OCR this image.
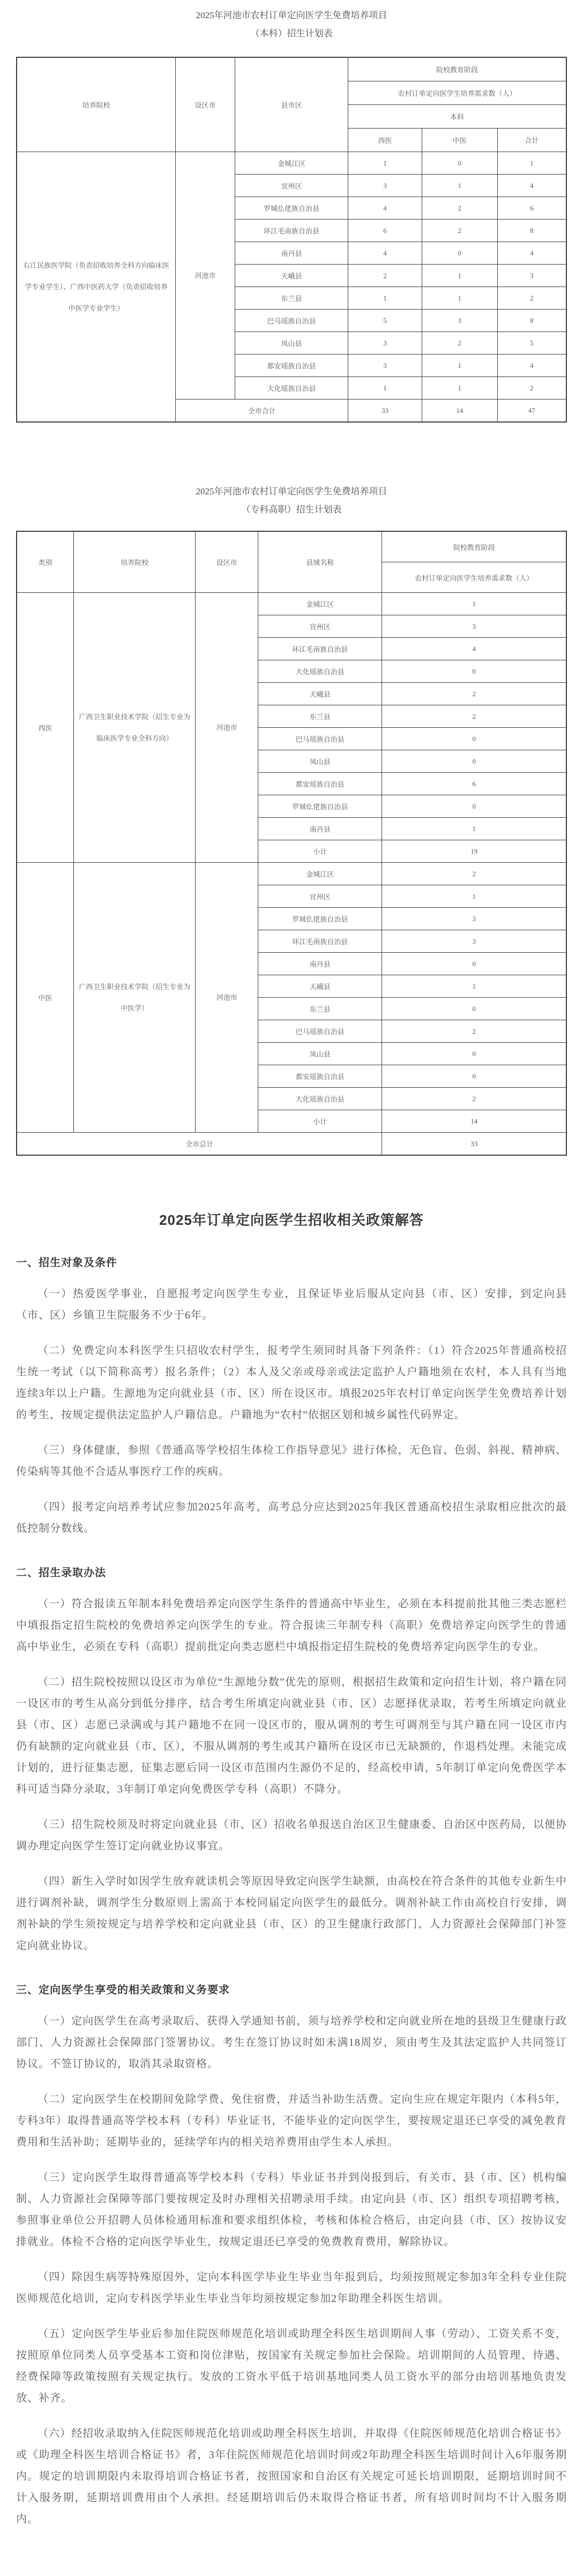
2025年河池市农村订单定向医学生免费培养项目

（本科）招生计划表

培养院校	设区市	县市区	院校教育阶段		
			农村订单定向医学生培养需求数（人）		
			本科		
			西医	中医	合计
右江民族医学院（负责招收培养全科方向临床医学专业学生）、广西中医药大学（负责招收培养中医学专业学生）	河池市	金城江区	1	0	1
		宜州区	3	1	4
		罗城仫佬族自治县	4	2	6
		环江毛南族自治县	6	2	8
		南丹县	4	0	4
		天峨县	2	1	3
		东兰县	1	1	2
		巴马瑶族自治县	5	3	8
		凤山县	3	2	5
		都安瑶族自治县	3	1	4
		大化瑶族自治县	1	1	2
	全市合计		33	14	47

2025年河池市农村订单定向医学生免费培养项目

（专科高职）招生计划表

类别	培养院校	设区市	县域名称	院校教育阶段
				农村订单定向医学生培养需求数（人）
西医	广西卫生职业技术学院（招生专业为临床医学专业全科方向）	河池市	金城江区	1
			宜州区	3
			环江毛南族自治县	4
			大化瑶族自治县	0
			天峨县	2
			东兰县	2
			巴马瑶族自治县	0
			凤山县	0
			都安瑶族自治县	6
			罗城仫佬族自治县	0
			南丹县	1
			小计	19
中医	广西卫生职业技术学院（招生专业为中医学）	河池市	金城江区	2
			宜州区	1
			罗城仫佬族自治县	3
			环江毛南族自治县	3
			南丹县	0
			天峨县	1
			东兰县	0
			巴马瑶族自治县	2
			凤山县	0
			都安瑶族自治县	0
			大化瑶族自治县	2
			小计	14
全市总计				33
2025年订单定向医学生招收相关政策解答
一、招生对象及条件

（一）热爱医学事业，自愿报考定向医学生专业，且保证毕业后服从定向县（市、区）安排，到定向县（市、区）乡镇卫生院服务不少于6年。

（二）免费定向本科医学生只招收农村学生，报考学生须同时具备下列条件：（1）符合2025年普通高校招生统一考试（以下简称高考）报名条件；（2）本人及父亲或母亲或法定监护人户籍地须在农村，本人具有当地连续3年以上户籍。生源地为定向就业县（市、区）所在设区市。填报2025年农村订单定向医学生免费培养计划的考生，按规定提供法定监护人户籍信息。户籍地为“农村”依据区划和城乡属性代码界定。

（三）身体健康，参照《普通高等学校招生体检工作指导意见》进行体检，无色盲、色弱、斜视、精神病、传染病等其他不合适从事医疗工作的疾病。

（四）报考定向培养考试应参加2025年高考，高考总分应达到2025年我区普通高校招生录取相应批次的最低控制分数线。

二、招生录取办法

（一）符合报读五年制本科免费培养定向医学生条件的普通高中毕业生，必须在本科提前批其他三类志愿栏中填报指定招生院校的免费培养定向医学生的专业。符合报读三年制专科（高职）免费培养定向医学生的普通高中毕业生，必须在专科（高职）提前批定向类志愿栏中填报指定招生院校的免费培养定向医学生的专业。

（二）招生院校按照以设区市为单位“生源地分数”优先的原则，根据招生政策和定向招生计划，将户籍在同一设区市的考生从高分到低分排序，结合考生所填定向就业县（市、区）志愿择优录取，若考生所填定向就业县（市、区）志愿已录满或与其户籍地不在同一设区市的，服从调剂的考生可调剂至与其户籍在同一设区市内仍有缺额的定向就业县（市、区），不服从调剂的考生或其户籍所在设区市已无缺额的，作退档处理。未能完成计划的，进行征集志愿，征集志愿后同一设区市范围内生源仍不足的，经高校申请，5年制订单定向免费医学本科可适当降分录取，3年制订单定向免费医学专科（高职）不降分。

（三）招生院校须及时将定向就业县（市、区）招收名单报送自治区卫生健康委、自治区中医药局，以便协调办理定向医学生签订定向就业协议事宜。

（四）新生入学时如因学生放弃就读机会等原因导致定向医学生缺额，由高校在符合条件的其他专业新生中进行调剂补缺，调剂学生分数原则上需高于本校同届定向医学生的最低分。调剂补缺工作由高校自行安排，调剂补缺的学生须按规定与培养学校和定向就业县（市、区）的卫生健康行政部门、人力资源社会保障部门补签定向就业协议。

三、定向医学生享受的相关政策和义务要求

（一）定向医学生在高考录取后、获得入学通知书前，须与培养学校和定向就业所在地的县级卫生健康行政部门、人力资源社会保障部门签署协议。考生在签订协议时如未满18周岁，须由考生及其法定监护人共同签订协议。不签订协议的，取消其录取资格。

（二）定向医学生在校期间免除学费、免住宿费，并适当补助生活费。定向生应在规定年限内（本科5年，专科3年）取得普通高等学校本科（专科）毕业证书，不能毕业的定向医学生，要按规定退还已享受的减免教育费用和生活补助；延期毕业的，延续学年内的相关培养费用由学生本人承担。

（三）定向医学生取得普通高等学校本科（专科）毕业证书并到岗报到后，有关市、县（市、区）机构编制、人力资源社会保障等部门要按规定及时办理相关招聘录用手续。由定向县（市、区）组织专项招聘考核，参照事业单位公开招聘人员体检通用标准和要求组织体检，考核和体检合格后，由定向县（市、区）按协议安排就业。体检不合格的定向医学毕业生，按规定退还已享受的免费教育费用，解除协议。

（四）除因生病等特殊原因外，定向本科医学毕业生毕业当年报到后，均须按照规定参加3年全科专业住院医师规范化培训，定向专科医学毕业生毕业当年均须按规定参加2年助理全科医生培训。

（五）定向医学生毕业后参加住院医师规范化培训或助理全科医生培训期间人事（劳动）、工资关系不变，按照原单位同类人员享受基本工资和岗位津贴，按国家有关规定参加社会保险。培训期间的人员管理、待遇、经费保障等政策按照有关规定执行。发放的工资水平低于培训基地同类人员工资水平的部分由培训基地负责发放、补齐。

（六）经招收录取纳入住院医师规范化培训或助理全科医生培训，并取得《住院医师规范化培训合格证书》或《助理全科医生培训合格证书》者，3年住院医师规范化培训时间或2年助理全科医生培训时间计入6年服务期内。规定的培训期限内未取得培训合格证书者，按照国家和自治区有关规定可延长培训期限，延期培训时间不计入服务期，延期培训费用由个人承担。经延期培训后仍未取得合格证书者，所有培训时间均不计入服务期内。
